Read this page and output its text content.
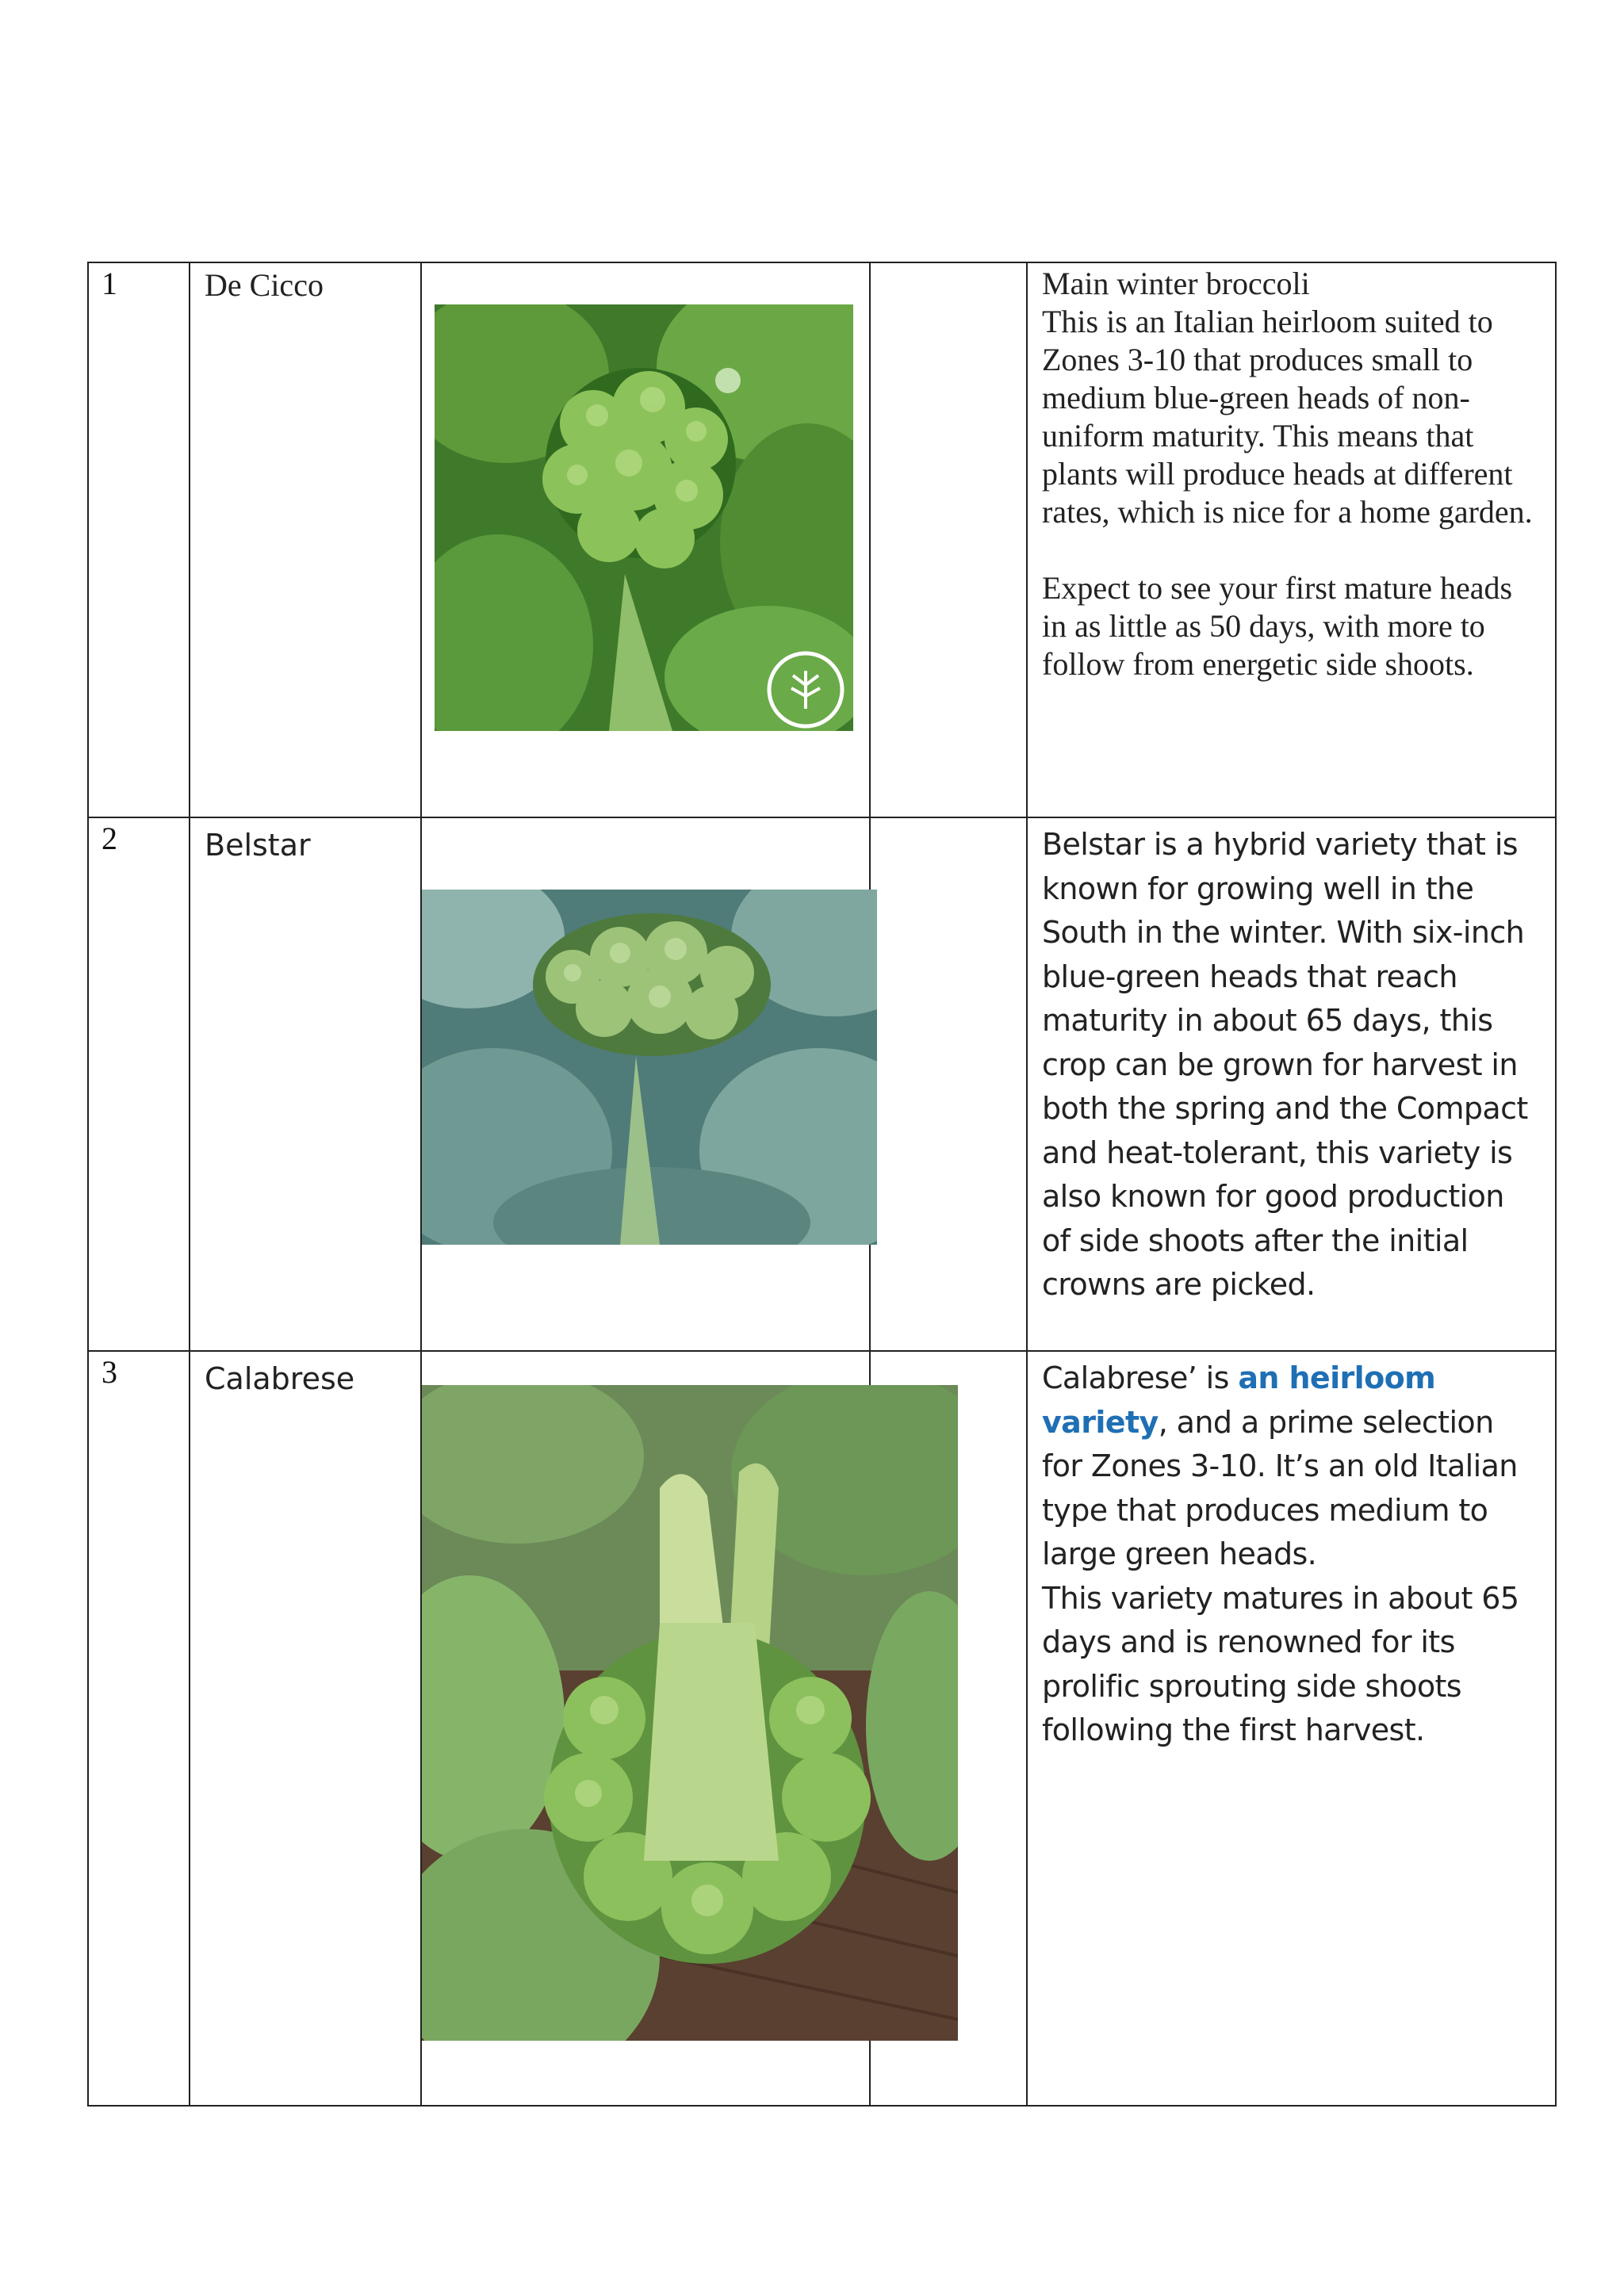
1	De Cicco			Main winter broccoli

This is an Italian heirloom suited to Zones 3-10 that produces small to medium blue-green heads of non-uniform maturity. This means that plants will produce heads at different rates, which is nice for a home garden.

Expect to see your first mature heads in as little as 50 days, with more to follow from energetic side shoots.

2	Belstar			Belstar is a hybrid variety that is known for growing well in the South in the winter. With six-inch blue-green heads that reach maturity in about 65 days, this crop can be grown for harvest in both the spring and the Compact and heat-tolerant, this variety is also known for good production of side shoots after the initial crowns are picked.

3	Calabrese			Calabrese’ is an heirloom variety, and a prime selection for Zones 3-10. It’s an old Italian type that produces medium to large green heads.

This variety matures in about 65 days and is renowned for its prolific sprouting side shoots following the first harvest.
